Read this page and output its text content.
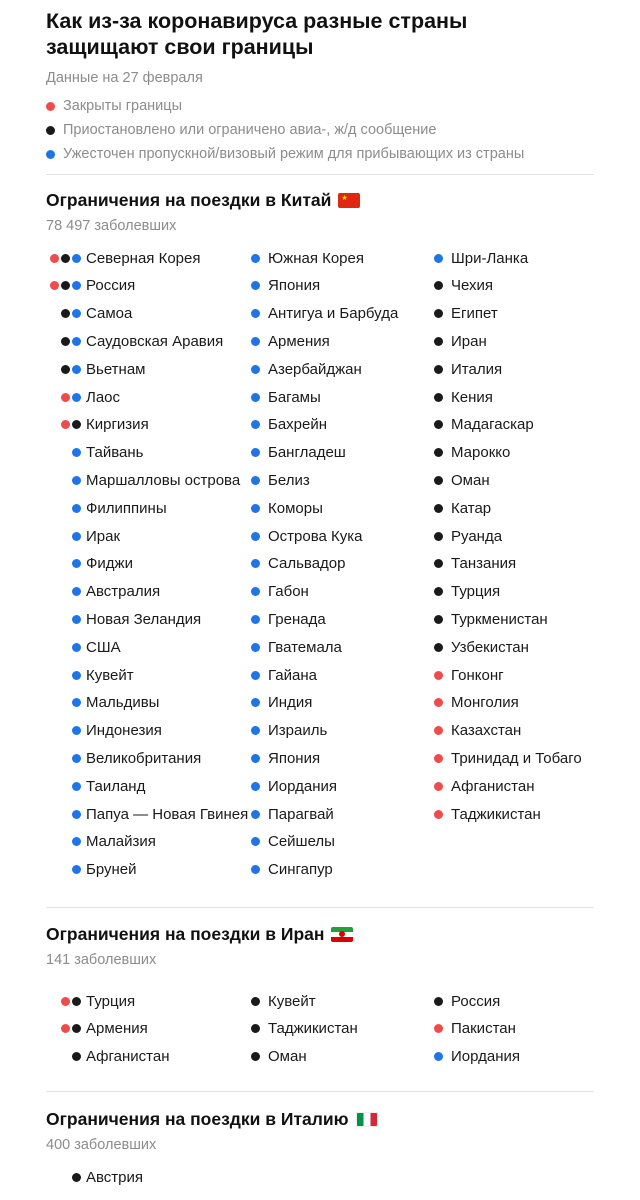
Как из-за коронавируса разные страны защищают свои границы
Данные на 27 февраля
Закрыты границы
Приостановлено или ограничено авиа-, ж/д сообщение
Ужесточен пропускной/визовый режим для прибывающих из страны
Ограничения на поездки в Китай ★
78 497 заболевших
Северная Корея
Россия
Самоа
Саудовская Аравия
Вьетнам
Лаос
Киргизия
Тайвань
Маршалловы острова
Филиппины
Ирак
Фиджи
Австралия
Новая Зеландия
США
Кувейт
Мальдивы
Индонезия
Великобритания
Таиланд
Папуа — Новая Гвинея
Малайзия
Бруней
Южная Корея
Япония
Антигуа и Барбуда
Армения
Азербайджан
Багамы
Бахрейн
Бангладеш
Белиз
Коморы
Острова Кука
Сальвадор
Габон
Гренада
Гватемала
Гайана
Индия
Израиль
Япония
Иордания
Парагвай
Сейшелы
Сингапур
Шри-Ланка
Чехия
Египет
Иран
Италия
Кения
Мадагаскар
Марокко
Оман
Катар
Руанда
Танзания
Турция
Туркменистан
Узбекистан
Гонконг
Монголия
Казахстан
Тринидад и Тобаго
Афганистан
Таджикистан
Ограничения на поездки в Иран
141 заболевших
Турция
Армения
Афганистан
Кувейт
Таджикистан
Оман
Россия
Пакистан
Иордания
Ограничения на поездки в Италию
400 заболевших
Австрия
